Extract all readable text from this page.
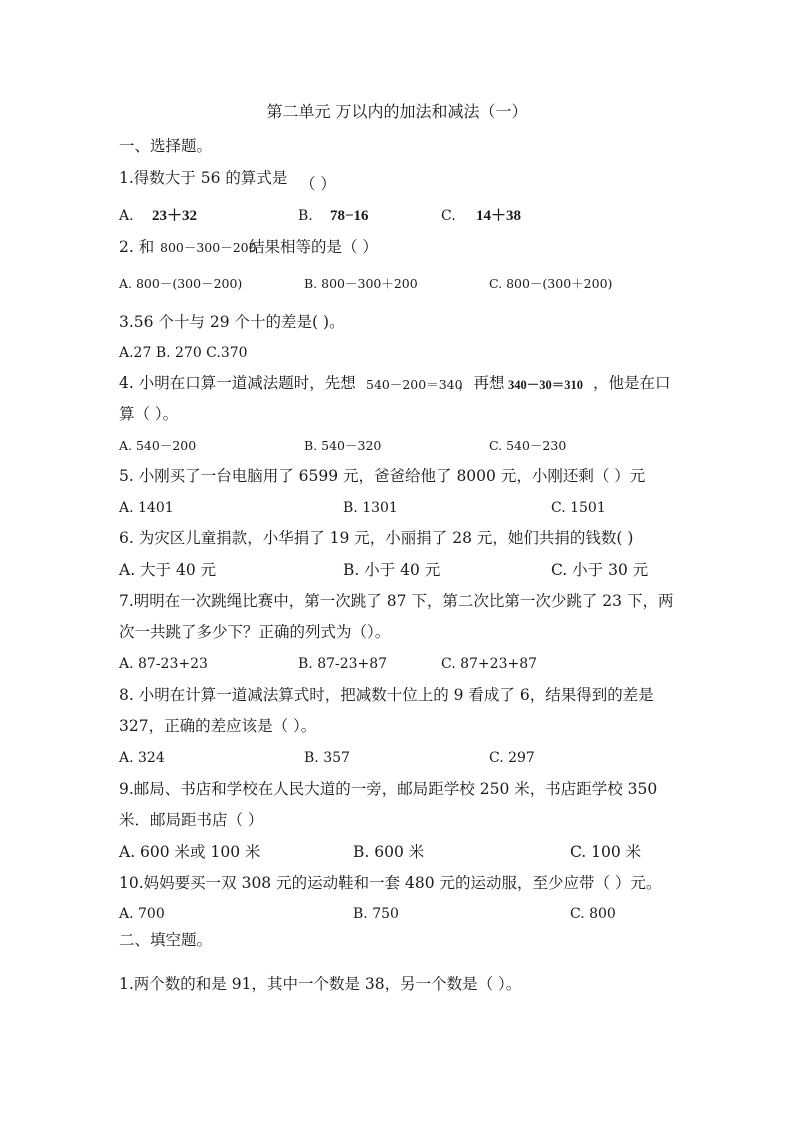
第二单元 万以内的加法和减法（一）
一、选择题。
1.得数大于 56 的算式是 （ ）
A. 23＋32	B. 78−16	C. 14＋38
2. 和 800－300－200
结果相等的是（ ）
A. 800－(300－200)	B. 800－300＋200	C. 800－(300＋200)
3.56 个十与 29 个十的差是( )。
A.27 B. 270 C.370
4. 小明在口算一道减法题时，先想 540－200＝340
，再想 340－30＝310 ，他是在口
算（ ）。
A. 540－200	B. 540－320	C. 540－230
5. 小刚买了一台电脑用了 6599 元，爸爸给他了 8000 元，小刚还剩（ ）元
A. 1401	B. 1301	C. 1501
6. 为灾区儿童捐款，小华捐了 19 元，小丽捐了 28 元，她们共捐的钱数( )
A. 大于 40 元	B. 小于 40 元	C. 小于 30 元
7.明明在一次跳绳比赛中，第一次跳了 87 下，第二次比第一次少跳了 23 下，两
次一共跳了多少下？正确的列式为（）。
A. 87-23+23	B. 87-23+87	C. 87+23+87
8. 小明在计算一道减法算式时，把减数十位上的 9 看成了 6，结果得到的差是
327，正确的差应该是（ ）。
A. 324	B. 357	C. 297
9.邮局、书店和学校在人民大道的一旁，邮局距学校 250 米，书店距学校 350
米．邮局距书店（ ）
A. 600 米或 100 米	B. 600 米	C. 100 米
10.妈妈要买一双 308 元的运动鞋和一套 480 元的运动服，至少应带（ ）元。
A. 700	B. 750	C. 800
二、填空题。
1.两个数的和是 91，其中一个数是 38，另一个数是（ ）。
